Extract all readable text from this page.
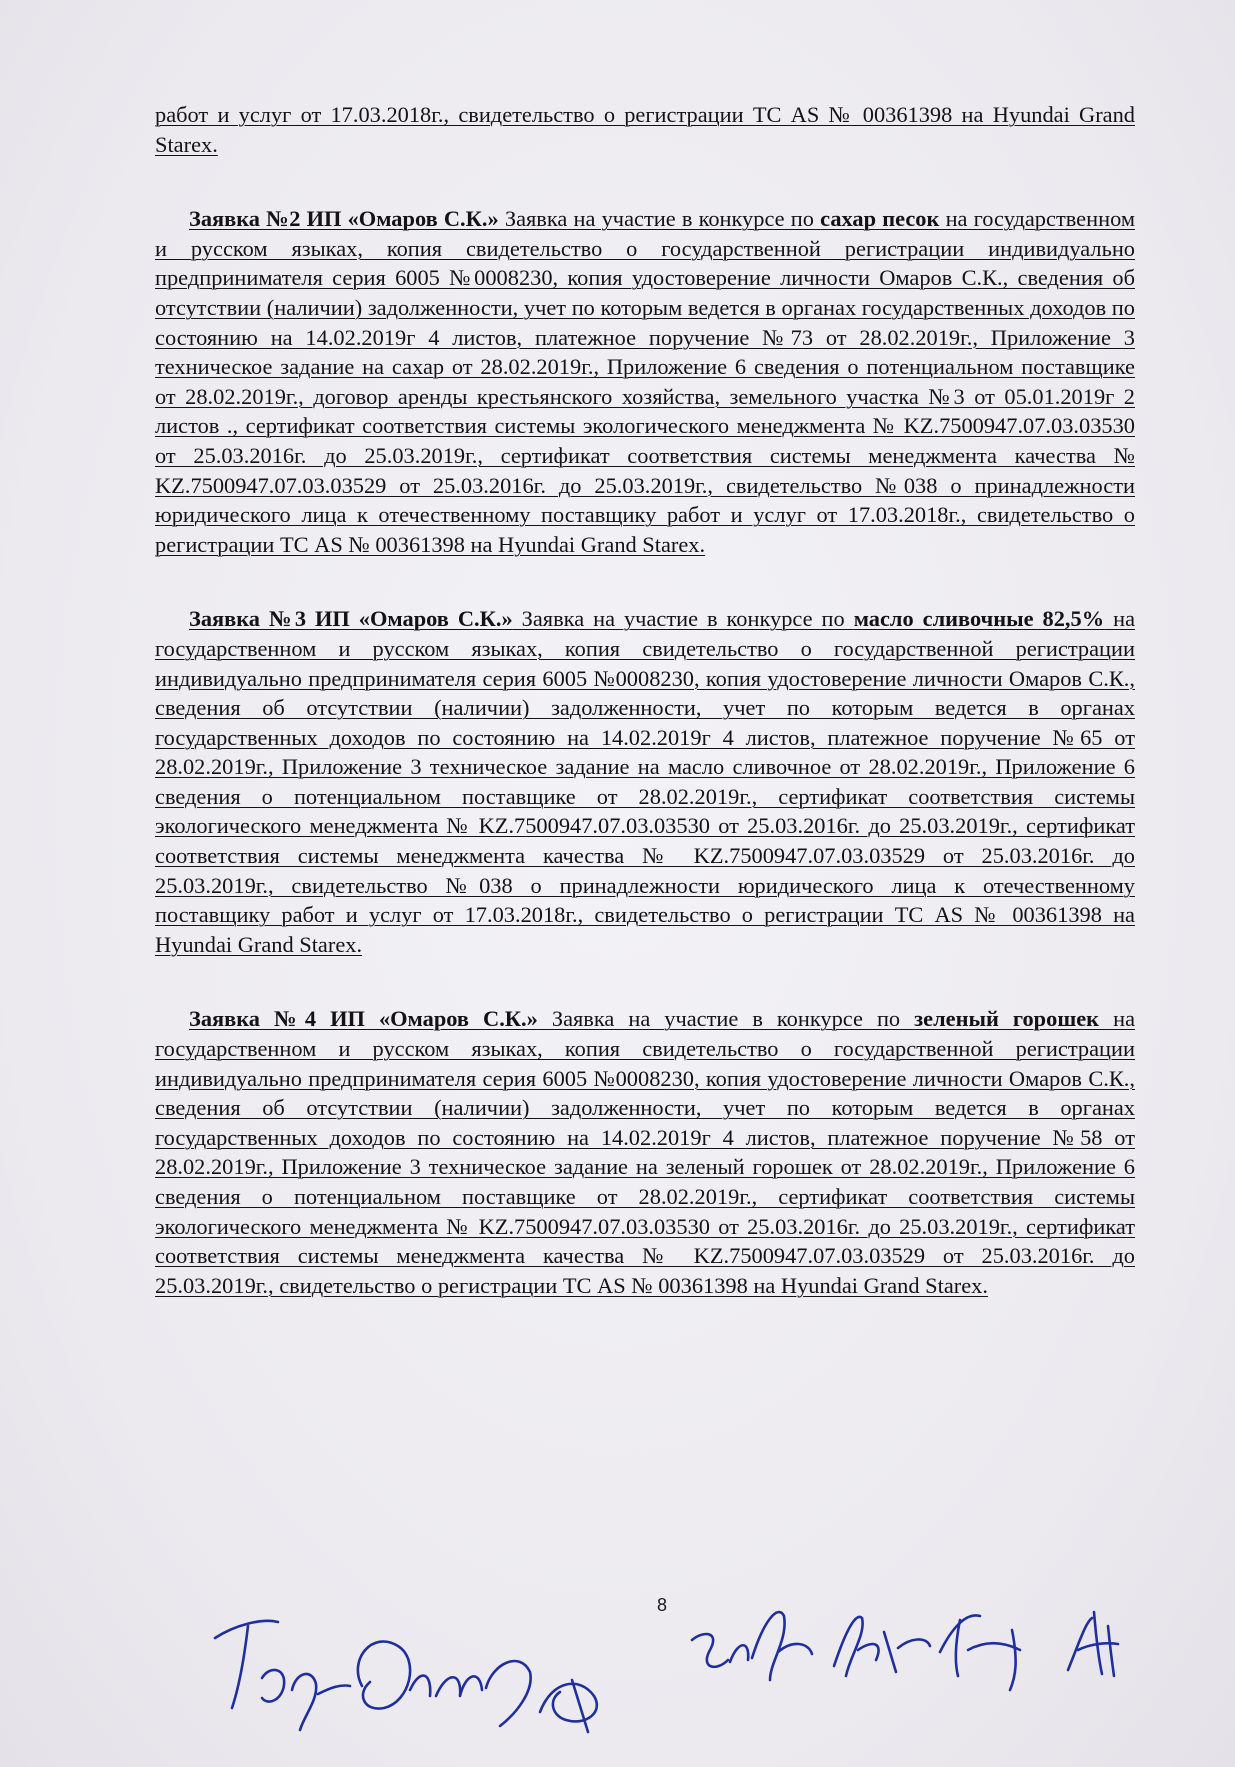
работ и услуг от 17.03.2018г., свидетельство о регистрации ТС AS № 00361398 на Hyundai Grand Starex.

Заявка №2 ИП «Омаров С.К.» Заявка на участие в конкурсе по сахар песок на государственном и русском языках, копия свидетельство о государственной регистрации индивидуально предпринимателя серия 6005 №0008230, копия удостоверение личности Омаров С.К., сведения об отсутствии (наличии) задолженности, учет по которым ведется в органах государственных доходов по состоянию на 14.02.2019г 4 листов, платежное поручение №73 от 28.02.2019г., Приложение 3 техническое задание на сахар от 28.02.2019г., Приложение 6 сведения о потенциальном поставщике от 28.02.2019г., договор аренды крестьянского хозяйства, земельного участка №3 от 05.01.2019г 2 листов ., сертификат соответствия системы экологического менеджмента № KZ.7500947.07.03.03530 от 25.03.2016г. до 25.03.2019г., сертификат соответствия системы менеджмента качества № KZ.7500947.07.03.03529 от 25.03.2016г. до 25.03.2019г., свидетельство №038 о принадлежности юридического лица к отечественному поставщику работ и услуг от 17.03.2018г., свидетельство о регистрации ТС AS № 00361398 на Hyundai Grand Starex.

Заявка №3 ИП «Омаров С.К.» Заявка на участие в конкурсе по масло сливочные 82,5% на государственном и русском языках, копия свидетельство о государственной регистрации индивидуально предпринимателя серия 6005 №0008230, копия удостоверение личности Омаров С.К., сведения об отсутствии (наличии) задолженности, учет по которым ведется в органах государственных доходов по состоянию на 14.02.2019г 4 листов, платежное поручение №65 от 28.02.2019г., Приложение 3 техническое задание на масло сливочное от 28.02.2019г., Приложение 6 сведения о потенциальном поставщике от 28.02.2019г., сертификат соответствия системы экологического менеджмента № KZ.7500947.07.03.03530 от 25.03.2016г. до 25.03.2019г., сертификат соответствия системы менеджмента качества № KZ.7500947.07.03.03529 от 25.03.2016г. до 25.03.2019г., свидетельство №038 о принадлежности юридического лица к отечественному поставщику работ и услуг от 17.03.2018г., свидетельство о регистрации ТС AS № 00361398 на Hyundai Grand Starex.

Заявка №4 ИП «Омаров С.К.» Заявка на участие в конкурсе по зеленый горошек на государственном и русском языках, копия свидетельство о государственной регистрации индивидуально предпринимателя серия 6005 №0008230, копия удостоверение личности Омаров С.К., сведения об отсутствии (наличии) задолженности, учет по которым ведется в органах государственных доходов по состоянию на 14.02.2019г 4 листов, платежное поручение №58 от 28.02.2019г., Приложение 3 техническое задание на зеленый горошек от 28.02.2019г., Приложение 6 сведения о потенциальном поставщике от 28.02.2019г., сертификат соответствия системы экологического менеджмента № KZ.7500947.07.03.03530 от 25.03.2016г. до 25.03.2019г., сертификат соответствия системы менеджмента качества № KZ.7500947.07.03.03529 от 25.03.2016г. до 25.03.2019г., свидетельство о регистрации ТС AS № 00361398 на Hyundai Grand Starex.

8
